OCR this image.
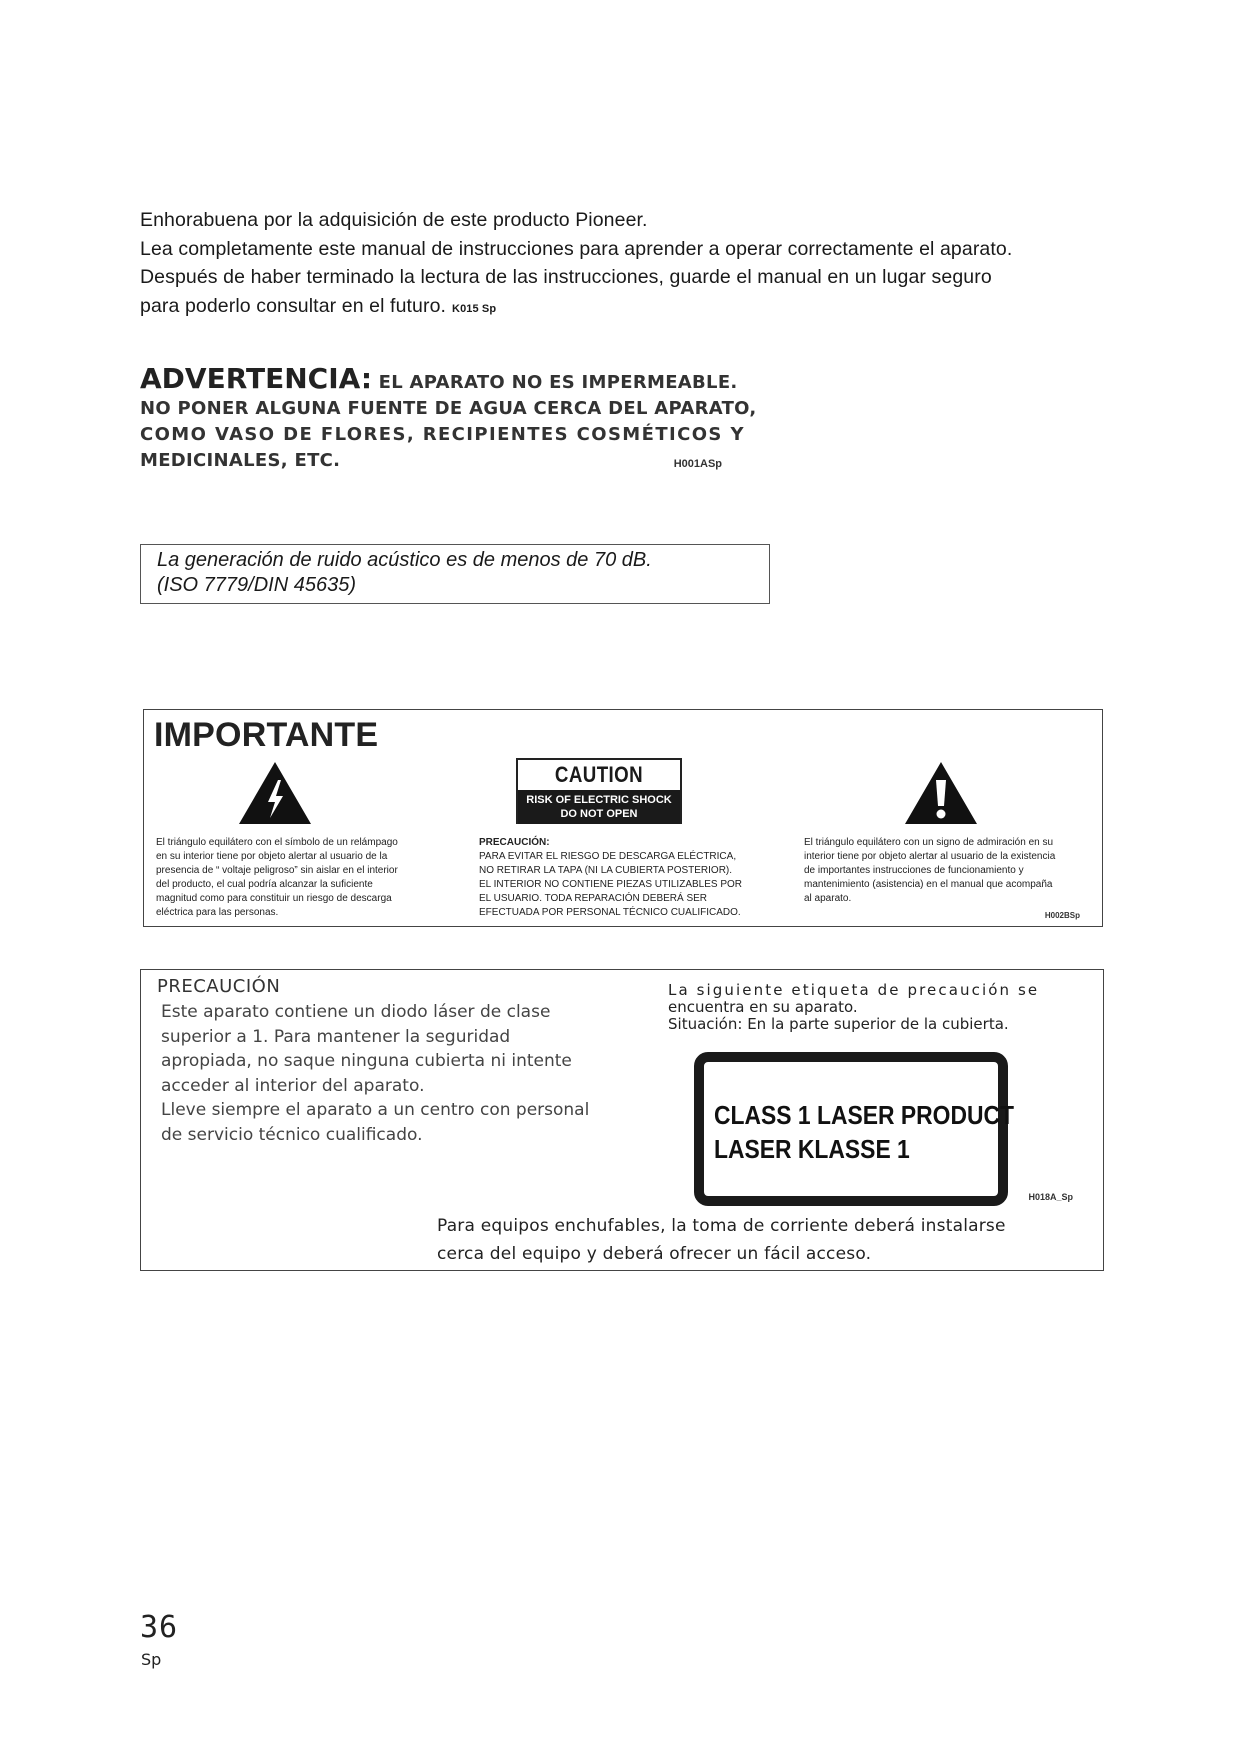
Enhorabuena por la adquisición de este producto Pioneer.
Lea completamente este manual de instrucciones para aprender a operar correctamente el aparato.
Después de haber terminado la lectura de las instrucciones, guarde el manual en un lugar seguro
para poderlo consultar en el futuro. K015 Sp
ADVERTENCIA: EL APARATO NO ES IMPERMEABLE.
NO PONER ALGUNA FUENTE DE AGUA CERCA DEL APARATO,
COMO VASO DE FLORES, RECIPIENTES COSMÉTICOS Y
MEDICINALES, ETC.	H001ASp
La generación de ruido acústico es de menos de 70 dB.
(ISO 7779/DIN 45635)
IMPORTANTE
CAUTION
RISK OF ELECTRIC SHOCK
DO NOT OPEN
El triángulo equilátero con el símbolo de un relámpago
en su interior tiene por objeto alertar al usuario de la
presencia de “ voltaje peligroso” sin aislar en el interior
del producto, el cual podría alcanzar la suficiente
magnitud como para constituir un riesgo de descarga
eléctrica para las personas.
PRECAUCIÓN:
PARA EVITAR EL RIESGO DE DESCARGA ELÉCTRICA,
NO RETIRAR LA TAPA (NI LA CUBIERTA POSTERIOR).
EL INTERIOR NO CONTIENE PIEZAS UTILIZABLES POR
EL USUARIO. TODA REPARACIÓN DEBERÁ SER
EFECTUADA POR PERSONAL TÉCNICO CUALIFICADO.
El triángulo equilátero con un signo de admiración en su
interior tiene por objeto alertar al usuario de la existencia
de importantes instrucciones de funcionamiento y
mantenimiento (asistencia) en el manual que acompaña
al aparato.
H002BSp
PRECAUCIÓN
Este aparato contiene un diodo láser de clase
superior a 1. Para mantener la seguridad
apropiada, no saque ninguna cubierta ni intente
acceder al interior del aparato.
Lleve siempre el aparato a un centro con personal
de servicio técnico cualificado.
La siguiente etiqueta de precaución se
encuentra en su aparato.
Situación: En la parte superior de la cubierta.
CLASS 1 LASER PRODUCT
LASER KLASSE 1
H018A_Sp
Para equipos enchufables, la toma de corriente deberá instalarse
cerca del equipo y deberá ofrecer un fácil acceso.
36
Sp
